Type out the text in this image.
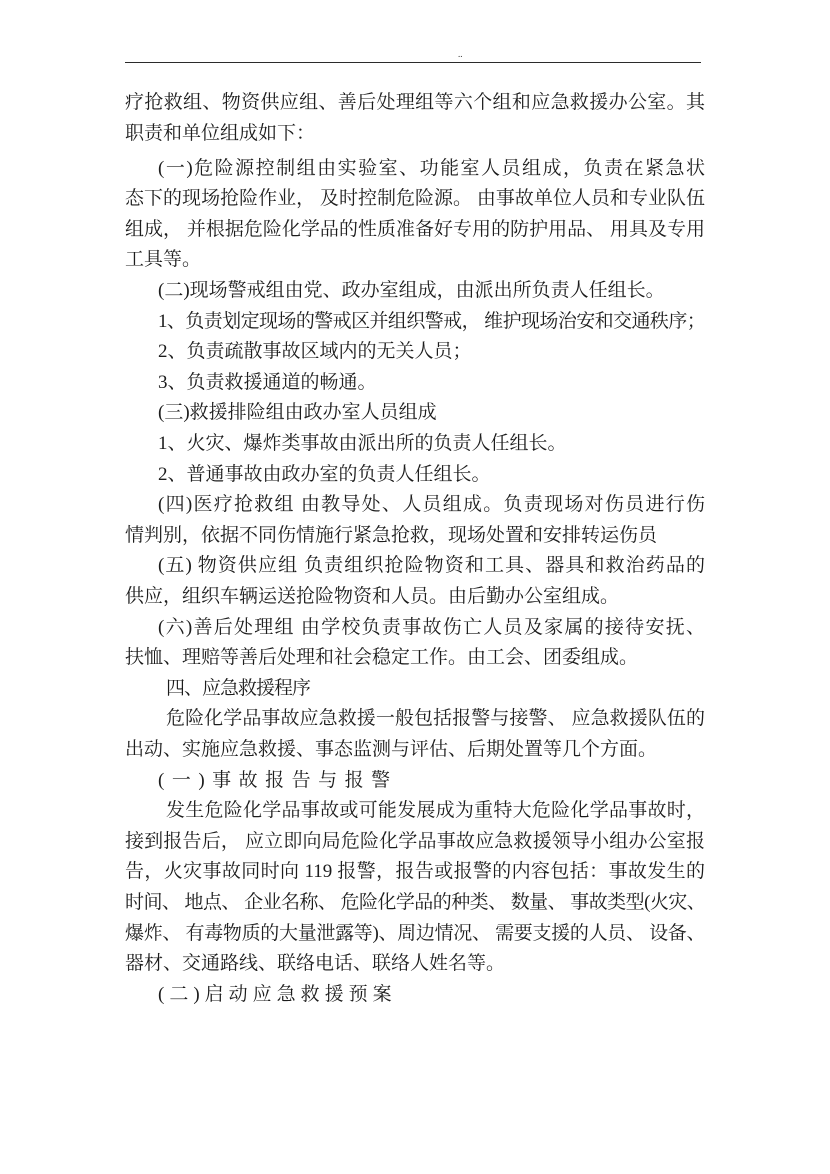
..
疗抢救组、物资供应组、善后处理组等六个组和应急救援办公室。其
职责和单位组成如下：
(一)危险源控制组由实验室、功能室人员组成，负责在紧急状
态下的现场抢险作业， 及时控制危险源。 由事故单位人员和专业队伍
组成， 并根据危险化学品的性质准备好专用的防护用品、 用具及专用
工具等。
(二)现场警戒组由党、政办室组成，由派出所负责人任组长。
1、负责划定现场的警戒区并组织警戒， 维护现场治安和交通秩序；
2、负责疏散事故区域内的无关人员；
3、负责救援通道的畅通。
(三)救援排险组由政办室人员组成
1、火灾、爆炸类事故由派出所的负责人任组长。
2、普通事故由政办室的负责人任组长。
(四)医疗抢救组 由教导处、人员组成。负责现场对伤员进行伤
情判别，依据不同伤情施行紧急抢救，现场处置和安排转运伤员
(五) 物资供应组 负责组织抢险物资和工具、器具和救治药品的
供应，组织车辆运送抢险物资和人员。由后勤办公室组成。
(六)善后处理组 由学校负责事故伤亡人员及家属的接待安抚、
扶恤、理赔等善后处理和社会稳定工作。由工会、团委组成。
四、应急救援程序
危险化学品事故应急救援一般包括报警与接警、 应急救援队伍的
出动、实施应急救援、事态监测与评估、后期处置等几个方面。
(一)事故报告与报警
发生危险化学品事故或可能发展成为重特大危险化学品事故时，
接到报告后， 应立即向局危险化学品事故应急救援领导小组办公室报
告，火灾事故同时向 119 报警，报告或报警的内容包括：事故发生的
时间、 地点、 企业名称、 危险化学品的种类、 数量、 事故类型(火灾、
爆炸、 有毒物质的大量泄露等)、周边情况、 需要支援的人员、 设备、
器材、交通路线、联络电话、联络人姓名等。
(二)启动应急救援预案
